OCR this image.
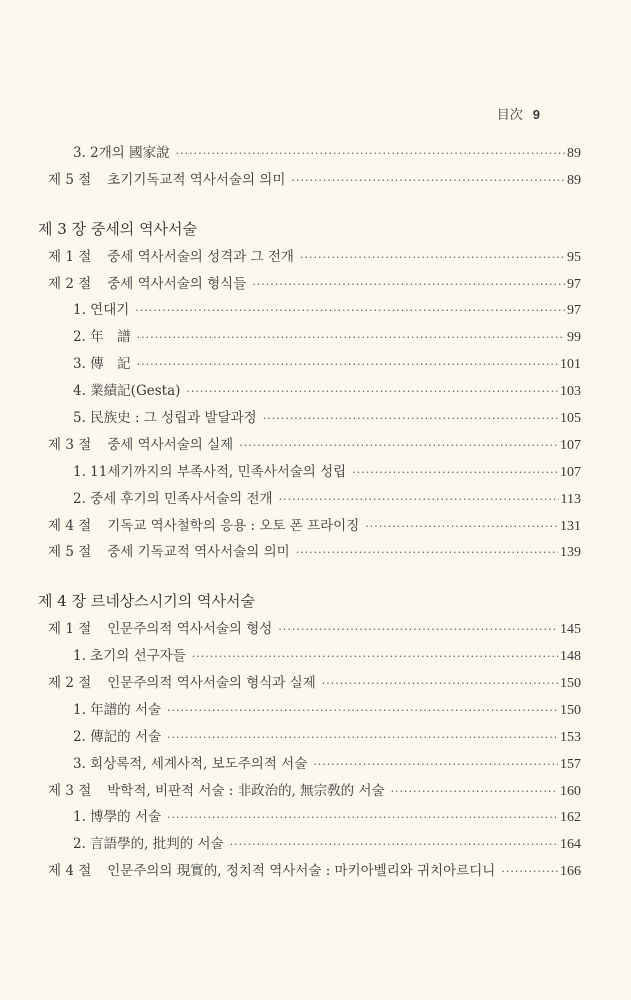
目次 9
3. 2개의 國家說 ·····	89
제 5 절 초기기독교적 역사서술의 의미 ·····	89
제 3 장 중세의 역사서술
제 1 절 중세 역사서술의 성격과 그 전개 ·····	95
제 2 절 중세 역사서술의 형식들 ·····	97
1. 연대기 ·····	97
2. 年　譜 ·····	99
3. 傳　記 ·····	101
4. 業績記(Gesta) ·····	103
5. 民族史 : 그 성립과 발달과정 ·····	105
제 3 절 중세 역사서술의 실제 ·····	107
1. 11세기까지의 부족사적, 민족사서술의 성립 ·····	107
2. 중세 후기의 민족사서술의 전개 ·····	113
제 4 절 기독교 역사철학의 응용 : 오토 폰 프라이징 ·····	131
제 5 절 중세 기독교적 역사서술의 의미 ·····	139
제 4 장 르네상스시기의 역사서술
제 1 절 인문주의적 역사서술의 형성 ·····	145
1. 초기의 선구자들 ·····	148
제 2 절 인문주의적 역사서술의 형식과 실제 ·····	150
1. 年譜的 서술 ·····	150
2. 傳記的 서술 ·····	153
3. 회상록적, 세계사적, 보도주의적 서술 ·····	157
제 3 절 박학적, 비판적 서술 : 非政治的, 無宗敎的 서술 ·····	160
1. 博學的 서술 ·····	162
2. 言語學的, 批判的 서술 ·····	164
제 4 절 인문주의의 現實的, 정치적 역사서술 : 마키아벨리와 귀치아르디니 ·····	166
